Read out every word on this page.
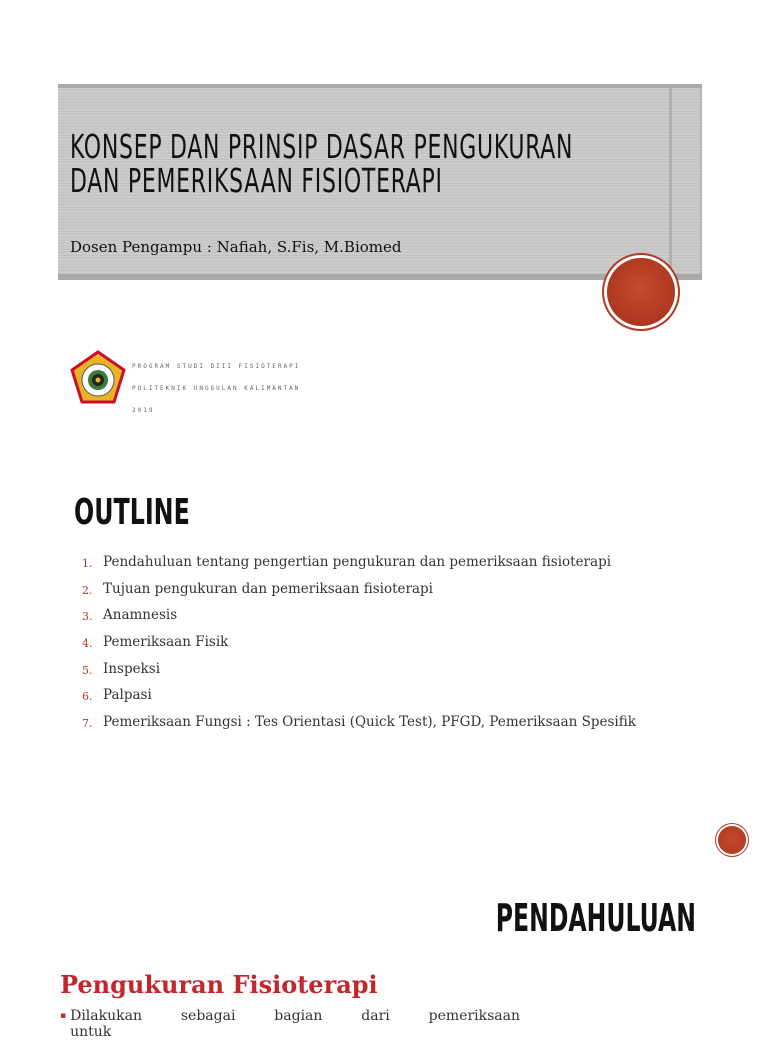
KONSEP DAN PRINSIP DASAR PENGUKURAN
DAN PEMERIKSAAN FISIOTERAPI
Dosen Pengampu : Nafiah, S.Fis, M.Biomed
PROGRAM STUDI DIII FISIOTERAPI
POLITEKNIK UNGGULAN KALIMANTAN
2019
OUTLINE
1. Pendahuluan tentang pengertian pengukuran dan pemeriksaan fisioterapi
2. Tujuan pengukuran dan pemeriksaan fisioterapi
3. Anamnesis
4. Pemeriksaan Fisik
5. Inspeksi
6. Palpasi
7. Pemeriksaan Fungsi : Tes Orientasi (Quick Test), PFGD, Pemeriksaan Spesifik
PENDAHULUAN
Pengukuran Fisioterapi
▪ Dilakukan sebagai bagian dari pemeriksaan untuk
